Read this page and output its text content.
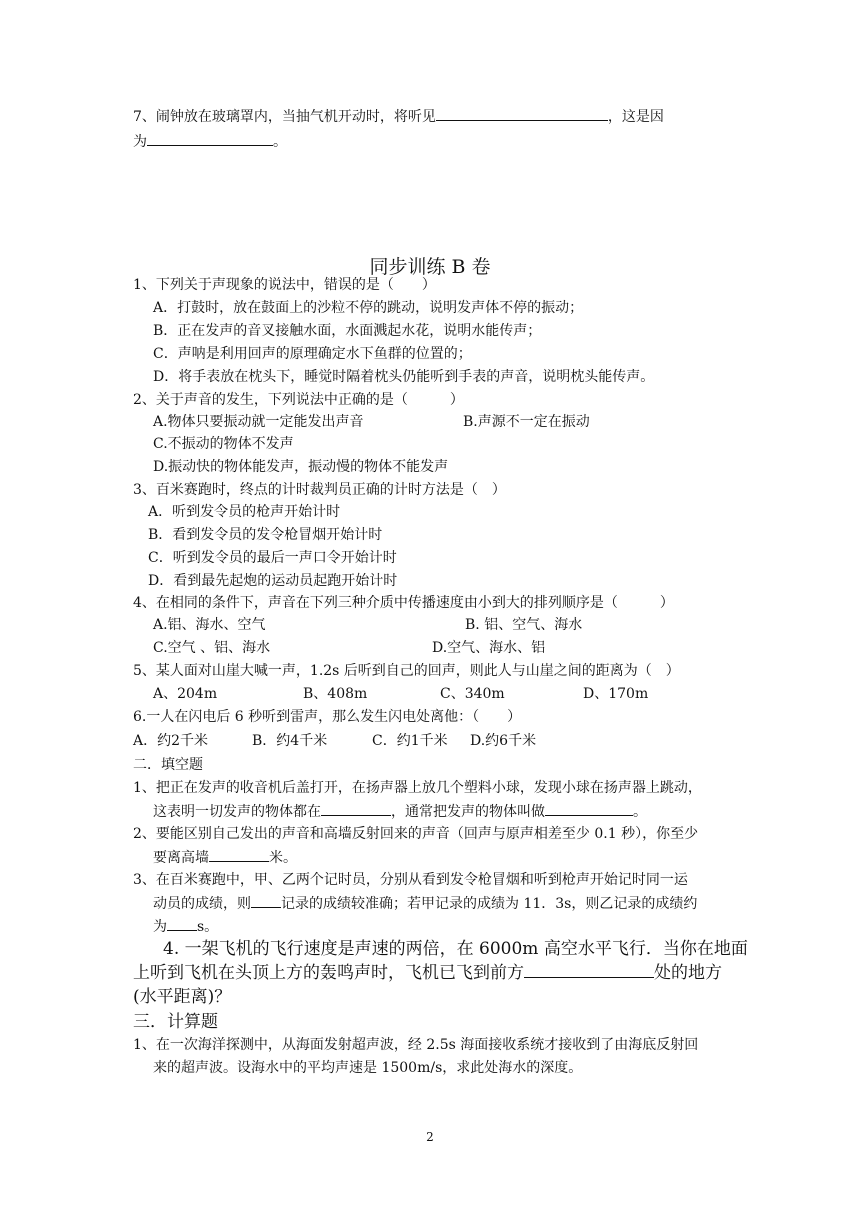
7、闹钟放在玻璃罩内，当抽气机开动时，将听见	，这是因
为	。
同步训练 B 卷
1、下列关于声现象的说法中，错误的是（　　）
A．打鼓时，放在鼓面上的沙粒不停的跳动，说明发声体不停的振动；
B．正在发声的音叉接触水面，水面溅起水花，说明水能传声；
C．声呐是利用回声的原理确定水下鱼群的位置的；
D．将手表放在枕头下，睡觉时隔着枕头仍能听到手表的声音，说明枕头能传声。
2、关于声音的发生，下列说法中正确的是（　　　）
A.物体只要振动就一定能发出声音	B.声源不一定在振动
C.不振动的物体不发声
D.振动快的物体能发声，振动慢的物体不能发声
3、百米赛跑时，终点的计时裁判员正确的计时方法是（　）
A．听到发令员的枪声开始计时
B．看到发令员的发令枪冒烟开始计时
C．听到发令员的最后一声口令开始计时
D．看到最先起炮的运动员起跑开始计时
4、在相同的条件下，声音在下列三种介质中传播速度由小到大的排列顺序是（　　　）
A.铝、海水、空气	B. 铝、空气、海水
C.空气 、铝、海水	D.空气、海水、铝
5、某人面对山崖大喊一声，1.2s 后听到自己的回声，则此人与山崖之间的距离为（　）
A、204m	B、408m	C、340m	D、170m
6.一人在闪电后 6 秒听到雷声，那么发生闪电处离他：（　　）
A．约2千米	B．约4千米	C．约1千米 D.约6千米
二．填空题
1、把正在发声的收音机后盖打开，在扬声器上放几个塑料小球，发现小球在扬声器上跳动，
这表明一切发声的物体都在	，通常把发声的物体叫做	。
2、要能区别自己发出的声音和高墙反射回来的声音（回声与原声相差至少 0.1 秒），你至少
要离高墙	米。
3、在百米赛跑中，甲、乙两个记时员，分别从看到发令枪冒烟和听到枪声开始记时同一运
动员的成绩，则 记录的成绩较准确；若甲记录的成绩为 11．3s，则乙记录的成绩约
为 s。
4. 一架飞机的飞行速度是声速的两倍，在 6000m 高空水平飞行．当你在地面
上听到飞机在头顶上方的轰鸣声时，飞机已飞到前方	处的地方
(水平距离)？
三．计算题
1、在一次海洋探测中，从海面发射超声波，经 2.5s 海面接收系统才接收到了由海底反射回
来的超声波。设海水中的平均声速是 1500m/s，求此处海水的深度。
2
